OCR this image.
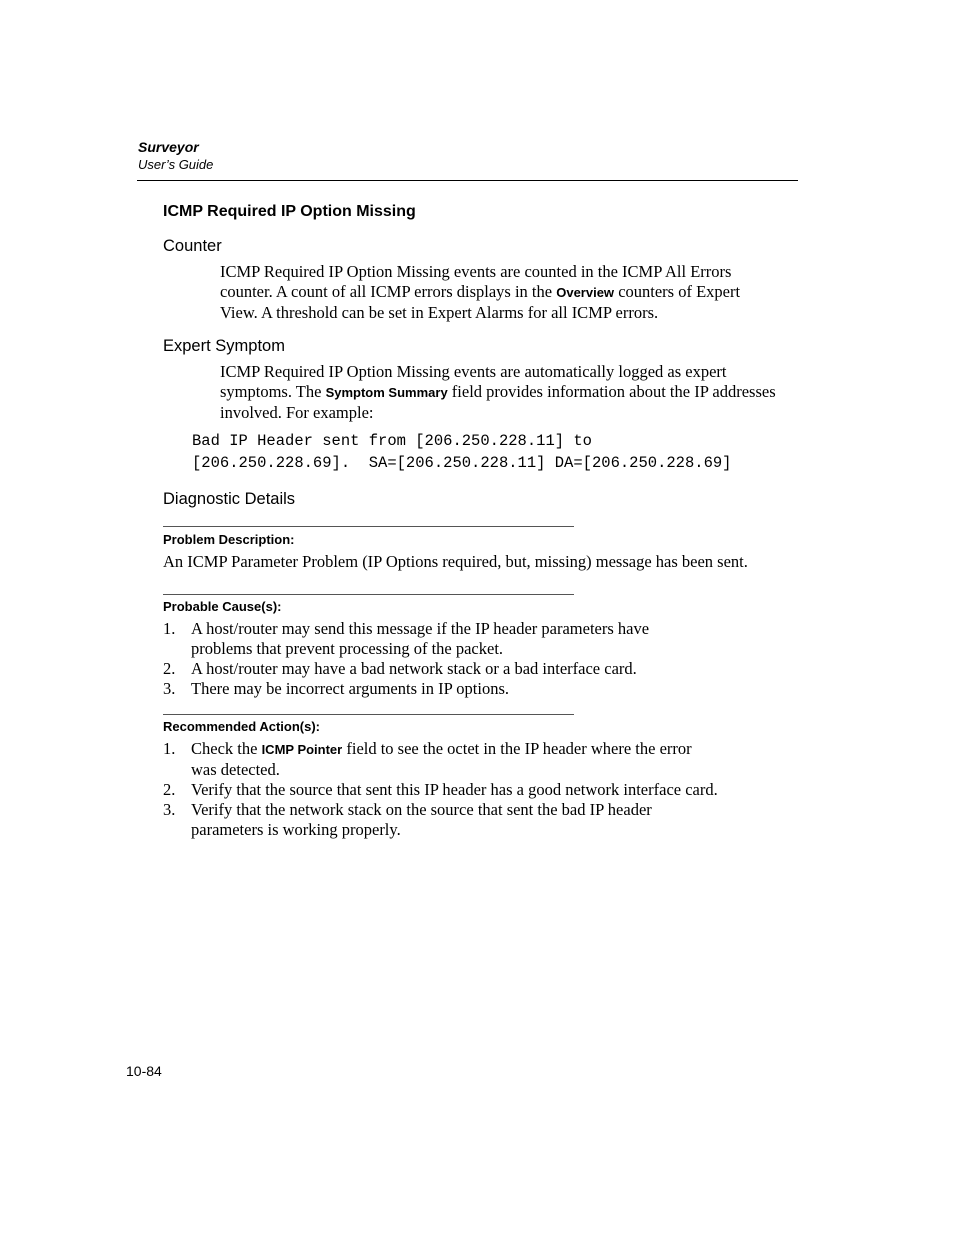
Surveyor
User’s Guide
ICMP Required IP Option Missing
Counter
ICMP Required IP Option Missing events are counted in the ICMP All Errors counter. A count of all ICMP errors displays in the Overview counters of Expert View. A threshold can be set in Expert Alarms for all ICMP errors.
Expert Symptom
ICMP Required IP Option Missing events are automatically logged as expert symptoms. The Symptom Summary field provides information about the IP addresses involved. For example:
Bad IP Header sent from [206.250.228.11] to
[206.250.228.69].  SA=[206.250.228.11] DA=[206.250.228.69]
Diagnostic Details
Problem Description:
An ICMP Parameter Problem (IP Options required, but, missing) message has been sent.
Probable Cause(s):
1. A host/router may send this message if the IP header parameters have problems that prevent processing of the packet.
2. A host/router may have a bad network stack or a bad interface card.
3. There may be incorrect arguments in IP options.
Recommended Action(s):
1. Check the ICMP Pointer field to see the octet in the IP header where the error was detected.
2. Verify that the source that sent this IP header has a good network interface card.
3. Verify that the network stack on the source that sent the bad IP header parameters is working properly.
10-84
